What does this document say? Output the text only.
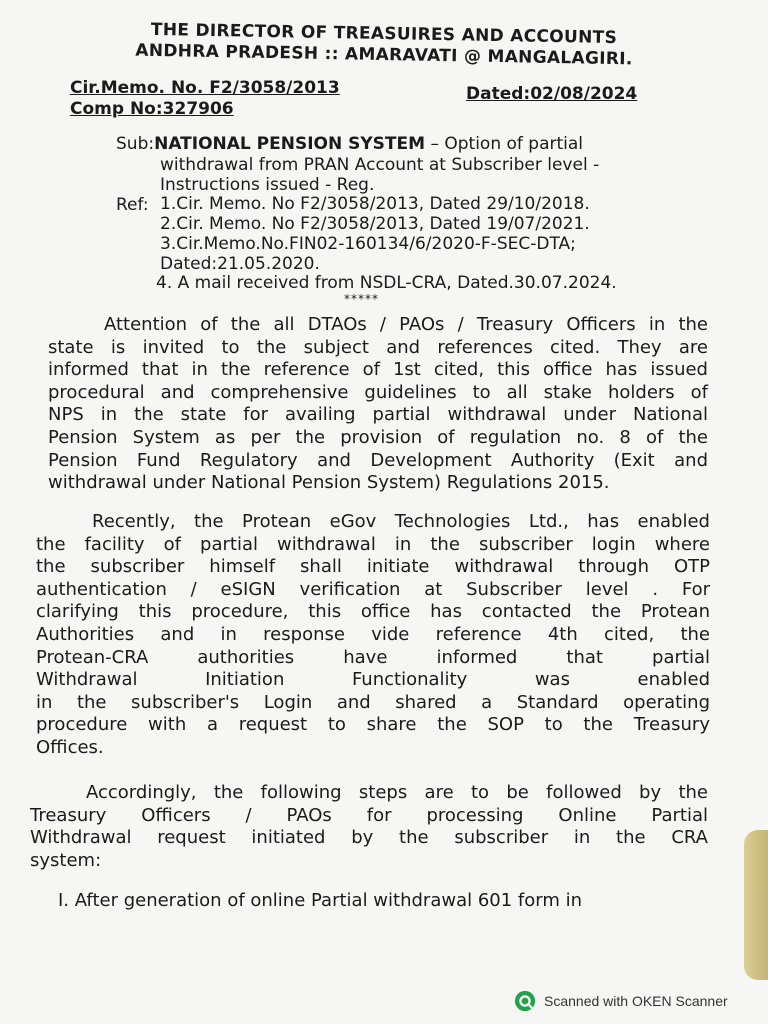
THE DIRECTOR OF TREASUIRES AND ACCOUNTS
ANDHRA PRADESH :: AMARAVATI @ MANGALAGIRI.
Cir.Memo. No. F2/3058/2013
Comp No:327906
Dated:02/08/2024
Sub:NATIONAL PENSION SYSTEM – Option of partial
withdrawal from PRAN Account at Subscriber level -
Instructions issued - Reg.
Ref: 1.Cir. Memo. No F2/3058/2013, Dated 29/10/2018.
2.Cir. Memo. No F2/3058/2013, Dated 19/07/2021.
3.Cir.Memo.No.FIN02-160134/6/2020-F-SEC-DTA;
Dated:21.05.2020.
4. A mail received from NSDL-CRA, Dated.30.07.2024.
*****
Attention of the all DTAOs / PAOs / Treasury Officers in the
state is invited to the subject and references cited. They are
informed that in the reference of 1st cited, this office has issued
procedural and comprehensive guidelines to all stake holders of
NPS in the state for availing partial withdrawal under National
Pension System as per the provision of regulation no. 8 of the
Pension Fund Regulatory and Development Authority (Exit and
withdrawal under National Pension System) Regulations 2015.
Recently, the Protean eGov Technologies Ltd., has enabled
the facility of partial withdrawal in the subscriber login where
the subscriber himself shall initiate withdrawal through OTP
authentication / eSIGN verification at Subscriber level . For
clarifying this procedure, this office has contacted the Protean
Authorities and in response vide reference 4th cited, the
Protean-CRA authorities have informed that partial
Withdrawal Initiation Functionality was enabled
in the subscriber's Login and shared a Standard operating
procedure with a request to share the SOP to the Treasury
Offices.
Accordingly, the following steps are to be followed by the
Treasury Officers / PAOs for processing Online Partial
Withdrawal request initiated by the subscriber in the CRA
system:
I. After generation of online Partial withdrawal 601 form in
Scanned with OKEN Scanner
